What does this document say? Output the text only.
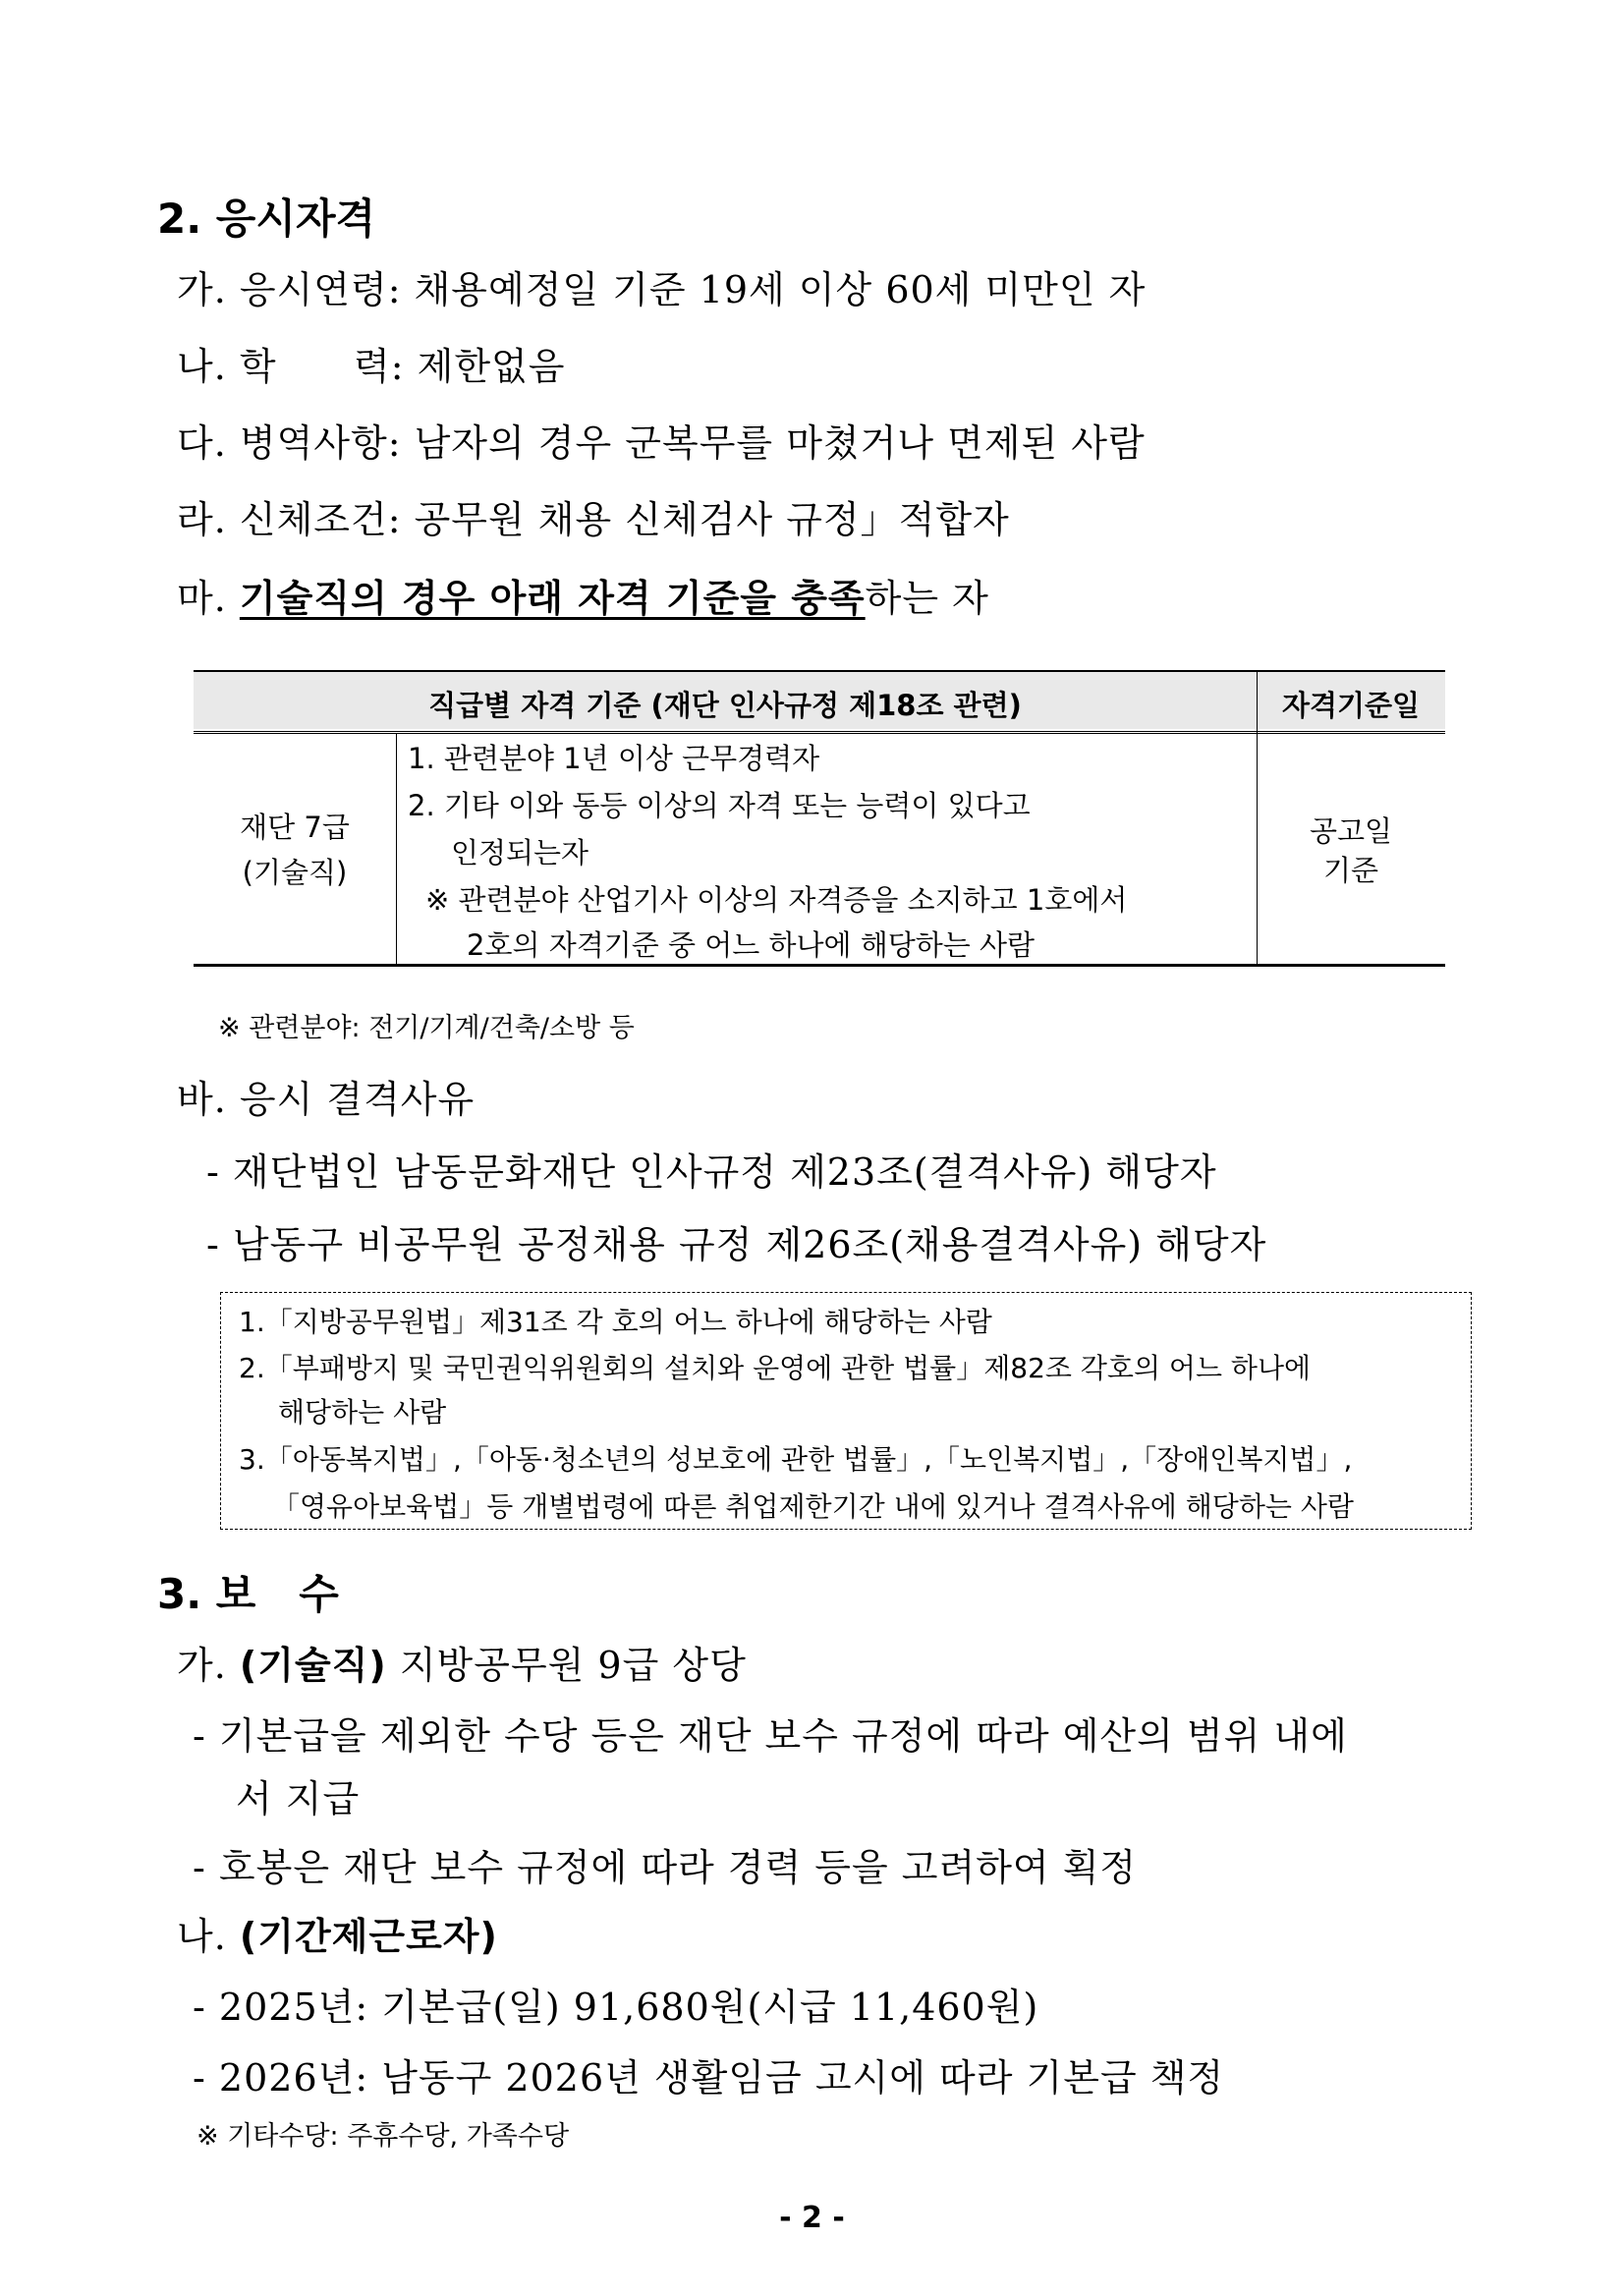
2. 응시자격
가. 응시연령: 채용예정일 기준 19세 이상 60세 미만인 자
나. 학      력: 제한없음
다. 병역사항: 남자의 경우 군복무를 마쳤거나 면제된 사람
라. 신체조건: 공무원 채용 신체검사 규정」적합자
마. 기술직의 경우 아래 자격 기준을 충족하는 자
직급별 자격 기준 (재단 인사규정 제18조 관련)	자격기준일
재단 7급
(기술직)
1. 관련분야 1년 이상 근무경력자
2. 기타 이와 동등 이상의 자격 또는 능력이 있다고
인정되는자
※ 관련분야 산업기사 이상의 자격증을 소지하고 1호에서
2호의 자격기준 중 어느 하나에 해당하는 사람
공고일
기준
※ 관련분야: 전기/기계/건축/소방 등
바. 응시 결격사유
- 재단법인 남동문화재단 인사규정 제23조(결격사유) 해당자
- 남동구 비공무원 공정채용 규정 제26조(채용결격사유) 해당자
1.「지방공무원법」제31조 각 호의 어느 하나에 해당하는 사람
2.「부패방지 및 국민권익위원회의 설치와 운영에 관한 법률」제82조 각호의 어느 하나에
해당하는 사람
3.「아동복지법」,「아동·청소년의 성보호에 관한 법률」,「노인복지법」,「장애인복지법」,
「영유아보육법」등 개별법령에 따른 취업제한기간 내에 있거나 결격사유에 해당하는 사람
3. 보   수
가. (기술직) 지방공무원 9급 상당
- 기본급을 제외한 수당 등은 재단 보수 규정에 따라 예산의 범위 내에
서 지급
- 호봉은 재단 보수 규정에 따라 경력 등을 고려하여 획정
나. (기간제근로자)
- 2025년: 기본급(일) 91,680원(시급 11,460원)
- 2026년: 남동구 2026년 생활임금 고시에 따라 기본급 책정
※ 기타수당: 주휴수당, 가족수당
- 2 -
